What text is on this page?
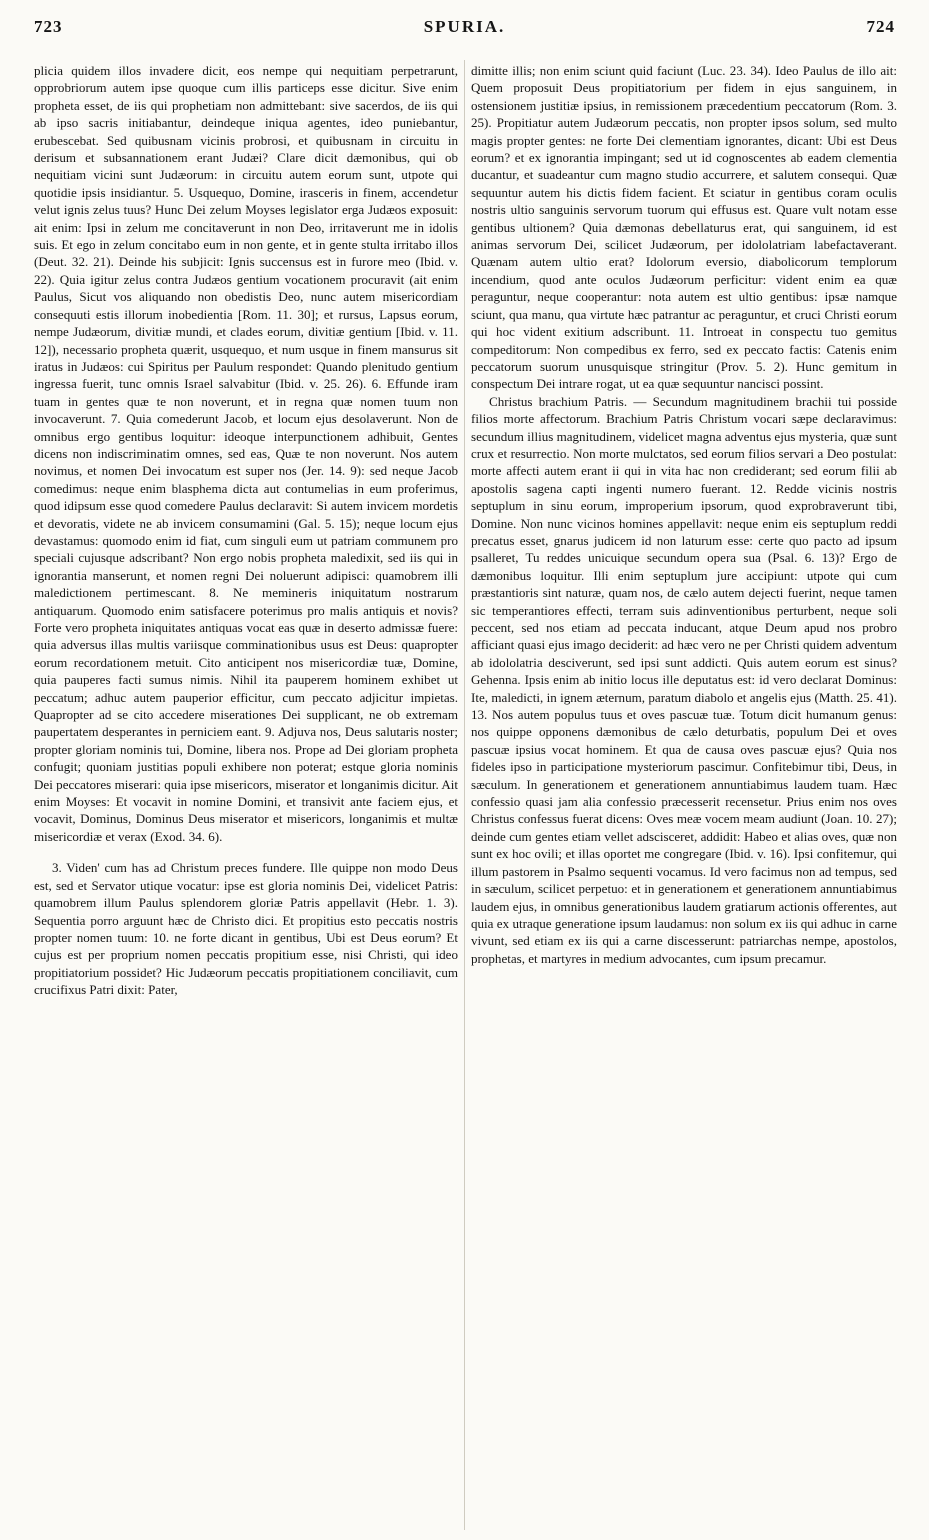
723	SPURIA.	724

plicia quidem illos invadere dicit, eos nempe qui nequitiam perpetrarunt, opprobriorum autem ipse quoque cum illis particeps esse dicitur. Sive enim propheta esset, de iis qui prophetiam non admittebant: sive sacerdos, de iis qui ab ipso sacris initiabantur, deindeque iniqua agentes, ideo puniebantur, erubescebat. Sed quibusnam vicinis probrosi, et quibusnam in circuitu in derisum et subsannationem erant Judæi? Clare dicit dæmonibus, qui ob nequitiam vicini sunt Judæorum: in circuitu autem eorum sunt, utpote qui quotidie ipsis insidiantur. 5. Usquequo, Domine, irasceris in finem, accendetur velut ignis zelus tuus? Hunc Dei zelum Moyses legislator erga Judæos exposuit: ait enim: Ipsi in zelum me concitaverunt in non Deo, irritaverunt me in idolis suis. Et ego in zelum concitabo eum in non gente, et in gente stulta irritabo illos (Deut. 32. 21). Deinde his subjicit: Ignis succensus est in furore meo (Ibid. v. 22). Quia igitur zelus contra Judæos gentium vocationem procuravit (ait enim Paulus, Sicut vos aliquando non obedistis Deo, nunc autem misericordiam consequuti estis illorum inobedientia [Rom. 11. 30]; et rursus, Lapsus eorum, nempe Judæorum, divitiæ mundi, et clades eorum, divitiæ gentium [Ibid. v. 11. 12]), necessario propheta quærit, usquequo, et num usque in finem mansurus sit iratus in Judæos: cui Spiritus per Paulum respondet: Quando plenitudo gentium ingressa fuerit, tunc omnis Israel salvabitur (Ibid. v. 25. 26). 6. Effunde iram tuam in gentes quæ te non noverunt, et in regna quæ nomen tuum non invocaverunt. 7. Quia comederunt Jacob, et locum ejus desolaverunt. Non de omnibus ergo gentibus loquitur: ideoque interpunctionem adhibuit, Gentes dicens non indiscriminatim omnes, sed eas, Quæ te non noverunt. Nos autem novimus, et nomen Dei invocatum est super nos (Jer. 14. 9): sed neque Jacob comedimus: neque enim blasphema dicta aut contumelias in eum proferimus, quod idipsum esse quod comedere Paulus declaravit: Si autem invicem mordetis et devoratis, videte ne ab invicem consumamini (Gal. 5. 15); neque locum ejus devastamus: quomodo enim id fiat, cum singuli eum ut patriam communem pro speciali cujusque adscribant? Non ergo nobis propheta maledixit, sed iis qui in ignorantia manserunt, et nomen regni Dei noluerunt adipisci: quamobrem illi maledictionem pertimescant. 8. Ne memineris iniquitatum nostrarum antiquarum. Quomodo enim satisfacere poterimus pro malis antiquis et novis? Forte vero propheta iniquitates antiquas vocat eas quæ in deserto admissæ fuere: quia adversus illas multis variisque comminationibus usus est Deus: quapropter eorum recordationem metuit. Cito anticipent nos misericordiæ tuæ, Domine, quia pauperes facti sumus nimis. Nihil ita pauperem hominem exhibet ut peccatum; adhuc autem pauperior efficitur, cum peccato adjicitur impietas. Quapropter ad se cito accedere miserationes Dei supplicant, ne ob extremam paupertatem desperantes in perniciem eant. 9. Adjuva nos, Deus salutaris noster; propter gloriam nominis tui, Domine, libera nos. Prope ad Dei gloriam propheta confugit; quoniam justitias populi exhibere non poterat; estque gloria nominis Dei peccatores miserari: quia ipse misericors, miserator et longanimis dicitur. Ait enim Moyses: Et vocavit in nomine Domini, et transivit ante faciem ejus, et vocavit, Dominus, Dominus Deus miserator et misericors, longanimis et multæ misericordiæ et verax (Exod. 34. 6).

3. Viden' cum has ad Christum preces fundere. Ille quippe non modo Deus est, sed et Servator utique vocatur: ipse est gloria nominis Dei, videlicet Patris: quamobrem illum Paulus splendorem gloriæ Patris appellavit (Hebr. 1. 3). Sequentia porro arguunt hæc de Christo dici. Et propitius esto peccatis nostris propter nomen tuum: 10. ne forte dicant in gentibus, Ubi est Deus eorum? Et cujus est per proprium nomen peccatis propitium esse, nisi Christi, qui ideo propitiatorium possidet? Hic Judæorum peccatis propitiationem conciliavit, cum crucifixus Patri dixit: Pater,

dimitte illis; non enim sciunt quid faciunt (Luc. 23. 34). Ideo Paulus de illo ait: Quem proposuit Deus propitiatorium per fidem in ejus sanguinem, in ostensionem justitiæ ipsius, in remissionem præcedentium peccatorum (Rom. 3. 25). Propitiatur autem Judæorum peccatis, non propter ipsos solum, sed multo magis propter gentes: ne forte Dei clementiam ignorantes, dicant: Ubi est Deus eorum? et ex ignorantia impingant; sed ut id cognoscentes ab eadem clementia ducantur, et suadeantur cum magno studio accurrere, et salutem consequi. Quæ sequuntur autem his dictis fidem facient. Et sciatur in gentibus coram oculis nostris ultio sanguinis servorum tuorum qui effusus est. Quare vult notam esse gentibus ultionem? Quia dæmonas debellaturus erat, qui sanguinem, id est animas servorum Dei, scilicet Judæorum, per idololatriam labefactaverant. Quænam autem ultio erat? Idolorum eversio, diabolicorum templorum incendium, quod ante oculos Judæorum perficitur: vident enim ea quæ peraguntur, neque cooperantur: nota autem est ultio gentibus: ipsæ namque sciunt, qua manu, qua virtute hæc patrantur ac peraguntur, et cruci Christi eorum qui hoc vident exitium adscribunt. 11. Introeat in conspectu tuo gemitus compeditorum: Non compedibus ex ferro, sed ex peccato factis: Catenis enim peccatorum suorum unusquisque stringitur (Prov. 5. 2). Hunc gemitum in conspectum Dei intrare rogat, ut ea quæ sequuntur nancisci possint.

Christus brachium Patris. — Secundum magnitudinem brachii tui posside filios morte affectorum. Brachium Patris Christum vocari sæpe declaravimus: secundum illius magnitudinem, videlicet magna adventus ejus mysteria, quæ sunt crux et resurrectio. Non morte mulctatos, sed eorum filios servari a Deo postulat: morte affecti autem erant ii qui in vita hac non crediderant; sed eorum filii ab apostolis sagena capti ingenti numero fuerant. 12. Redde vicinis nostris septuplum in sinu eorum, improperium ipsorum, quod exprobraverunt tibi, Domine. Non nunc vicinos homines appellavit: neque enim eis septuplum reddi precatus esset, gnarus judicem id non laturum esse: certe quo pacto ad ipsum psalleret, Tu reddes unicuique secundum opera sua (Psal. 6. 13)? Ergo de dæmonibus loquitur. Illi enim septuplum jure accipiunt: utpote qui cum præstantioris sint naturæ, quam nos, de cælo autem dejecti fuerint, neque tamen sic temperantiores effecti, terram suis adinventionibus perturbent, neque soli peccent, sed nos etiam ad peccata inducant, atque Deum apud nos probro afficiant quasi ejus imago deciderit: ad hæc vero ne per Christi quidem adventum ab idololatria desciverunt, sed ipsi sunt addicti. Quis autem eorum est sinus? Gehenna. Ipsis enim ab initio locus ille deputatus est: id vero declarat Dominus: Ite, maledicti, in ignem æternum, paratum diabolo et angelis ejus (Matth. 25. 41). 13. Nos autem populus tuus et oves pascuæ tuæ. Totum dicit humanum genus: nos quippe opponens dæmonibus de cælo deturbatis, populum Dei et oves pascuæ ipsius vocat hominem. Et qua de causa oves pascuæ ejus? Quia nos fideles ipso in participatione mysteriorum pascimur. Confitebimur tibi, Deus, in sæculum. In generationem et generationem annuntiabimus laudem tuam. Hæc confessio quasi jam alia confessio præcesserit recensetur. Prius enim nos oves Christus confessus fuerat dicens: Oves meæ vocem meam audiunt (Joan. 10. 27); deinde cum gentes etiam vellet adscisceret, addidit: Habeo et alias oves, quæ non sunt ex hoc ovili; et illas oportet me congregare (Ibid. v. 16). Ipsi confitemur, qui illum pastorem in Psalmo sequenti vocamus. Id vero facimus non ad tempus, sed in sæculum, scilicet perpetuo: et in generationem et generationem annuntiabimus laudem ejus, in omnibus generationibus laudem gratiarum actionis offerentes, aut quia ex utraque generatione ipsum laudamus: non solum ex iis qui adhuc in carne vivunt, sed etiam ex iis qui a carne discesserunt: patriarchas nempe, apostolos, prophetas, et martyres in medium advocantes, cum ipsum precamur.
